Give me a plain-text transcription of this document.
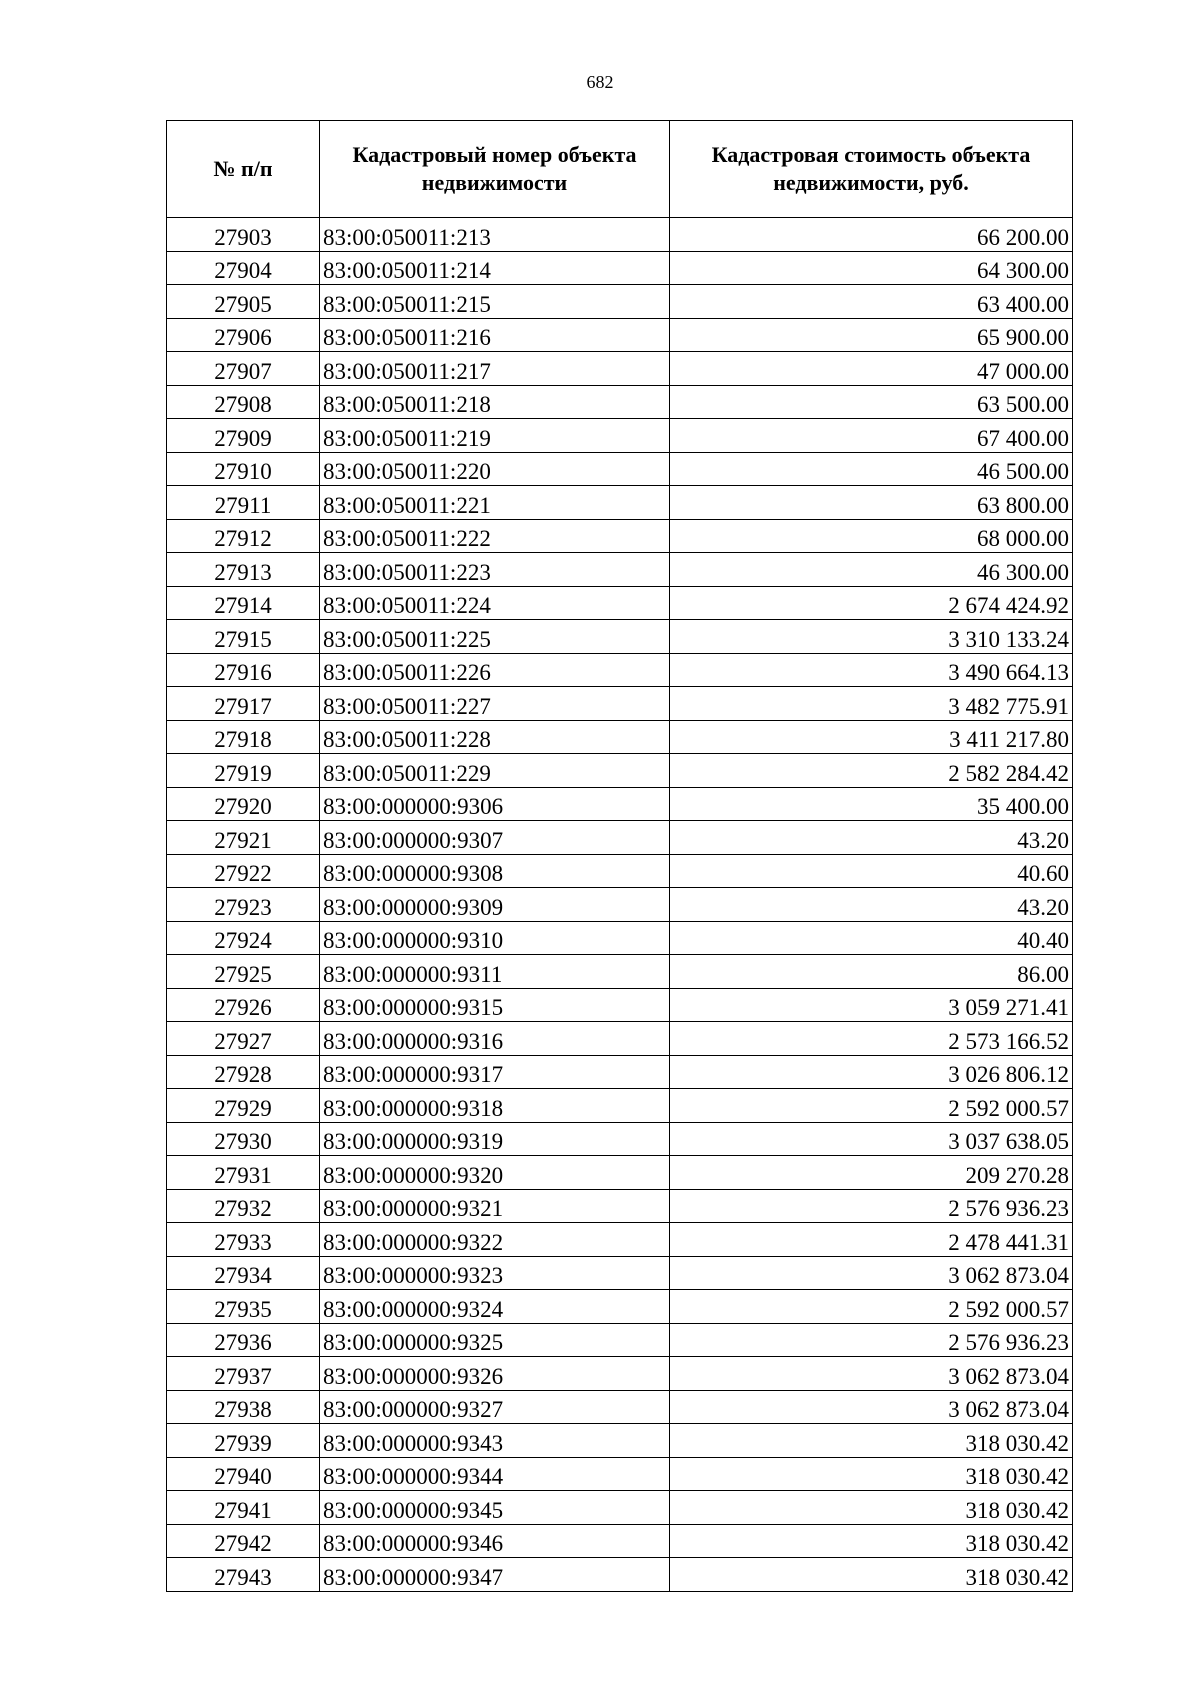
682
№ п/п	Кадастровый номер объекта недвижимости	Кадастровая стоимость объекта недвижимости, руб.
27903	83:00:050011:213	66 200.00
27904	83:00:050011:214	64 300.00
27905	83:00:050011:215	63 400.00
27906	83:00:050011:216	65 900.00
27907	83:00:050011:217	47 000.00
27908	83:00:050011:218	63 500.00
27909	83:00:050011:219	67 400.00
27910	83:00:050011:220	46 500.00
27911	83:00:050011:221	63 800.00
27912	83:00:050011:222	68 000.00
27913	83:00:050011:223	46 300.00
27914	83:00:050011:224	2 674 424.92
27915	83:00:050011:225	3 310 133.24
27916	83:00:050011:226	3 490 664.13
27917	83:00:050011:227	3 482 775.91
27918	83:00:050011:228	3 411 217.80
27919	83:00:050011:229	2 582 284.42
27920	83:00:000000:9306	35 400.00
27921	83:00:000000:9307	43.20
27922	83:00:000000:9308	40.60
27923	83:00:000000:9309	43.20
27924	83:00:000000:9310	40.40
27925	83:00:000000:9311	86.00
27926	83:00:000000:9315	3 059 271.41
27927	83:00:000000:9316	2 573 166.52
27928	83:00:000000:9317	3 026 806.12
27929	83:00:000000:9318	2 592 000.57
27930	83:00:000000:9319	3 037 638.05
27931	83:00:000000:9320	209 270.28
27932	83:00:000000:9321	2 576 936.23
27933	83:00:000000:9322	2 478 441.31
27934	83:00:000000:9323	3 062 873.04
27935	83:00:000000:9324	2 592 000.57
27936	83:00:000000:9325	2 576 936.23
27937	83:00:000000:9326	3 062 873.04
27938	83:00:000000:9327	3 062 873.04
27939	83:00:000000:9343	318 030.42
27940	83:00:000000:9344	318 030.42
27941	83:00:000000:9345	318 030.42
27942	83:00:000000:9346	318 030.42
27943	83:00:000000:9347	318 030.42
